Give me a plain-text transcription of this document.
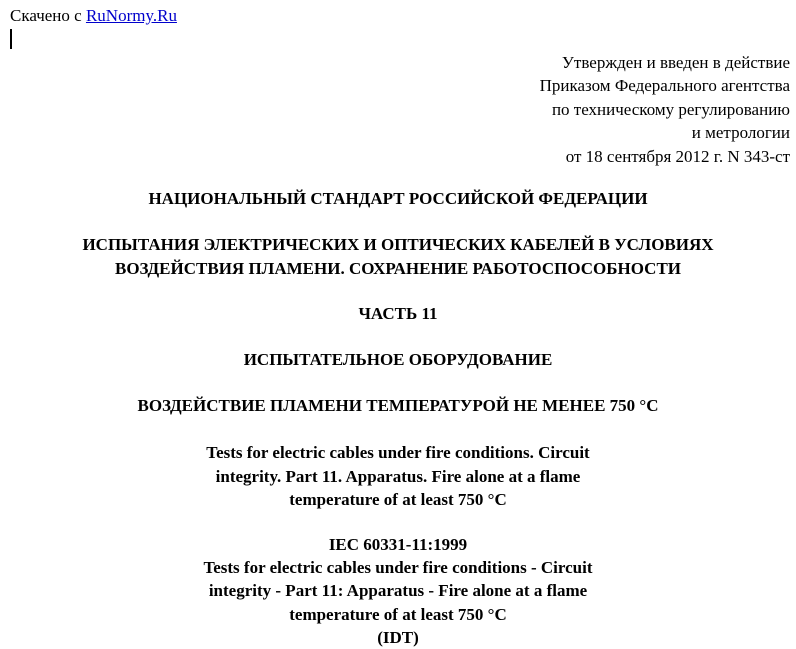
Скачено с RuNormy.Ru
Утвержден и введен в действие
Приказом Федерального агентства
по техническому регулированию
и метрологии
от 18 сентября 2012 г. N 343-ст
НАЦИОНАЛЬНЫЙ СТАНДАРТ РОССИЙСКОЙ ФЕДЕРАЦИИ
ИСПЫТАНИЯ ЭЛЕКТРИЧЕСКИХ И ОПТИЧЕСКИХ КАБЕЛЕЙ В УСЛОВИЯХ
ВОЗДЕЙСТВИЯ ПЛАМЕНИ. СОХРАНЕНИЕ РАБОТОСПОСОБНОСТИ
ЧАСТЬ 11
ИСПЫТАТЕЛЬНОЕ ОБОРУДОВАНИЕ
ВОЗДЕЙСТВИЕ ПЛАМЕНИ ТЕМПЕРАТУРОЙ НЕ МЕНЕЕ 750 °С
Tests for electric cables under fire conditions. Circuit
integrity. Part 11. Apparatus. Fire alone at a flame
temperature of at least 750 °C
IEC 60331-11:1999
Tests for electric cables under fire conditions - Circuit
integrity - Part 11: Apparatus - Fire alone at a flame
temperature of at least 750 °C
(IDT)
